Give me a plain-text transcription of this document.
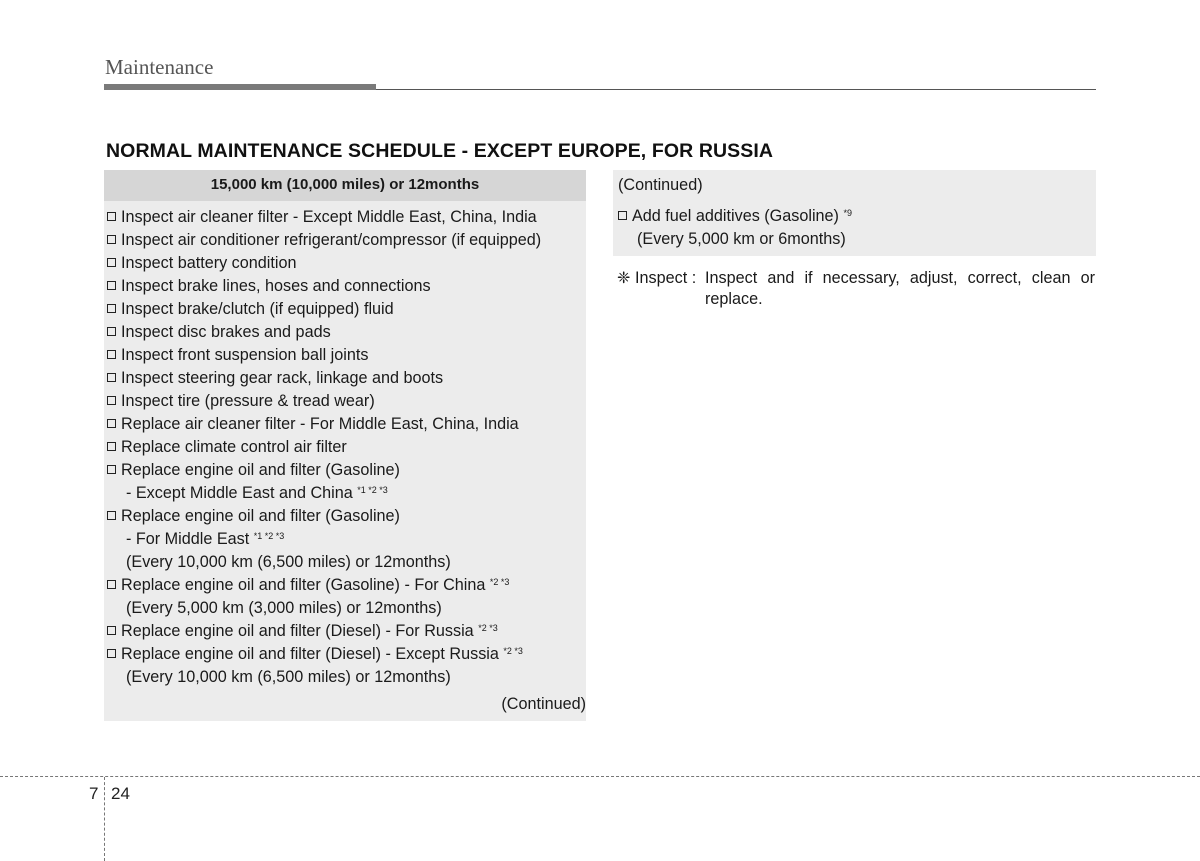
Maintenance
NORMAL MAINTENANCE SCHEDULE - EXCEPT EUROPE, FOR RUSSIA
15,000 km (10,000 miles) or 12months
Inspect air cleaner filter - Except Middle East, China, India
Inspect air conditioner refrigerant/compressor (if equipped)
Inspect battery condition
Inspect brake lines, hoses and connections
Inspect brake/clutch (if equipped) fluid
Inspect disc brakes and pads
Inspect front suspension ball joints
Inspect steering gear rack, linkage and boots
Inspect tire (pressure & tread wear)
Replace air cleaner filter - For Middle East, China, India
Replace climate control air filter
Replace engine oil and filter (Gasoline)
- Except Middle East and China $^{*1 *2 *3}$
Replace engine oil and filter (Gasoline)
- For Middle East $^{*1 *2 *3}$
(Every 10,000 km (6,500 miles) or 12months)
Replace engine oil and filter (Gasoline) - For China $^{*2 *3}$
(Every 5,000 km (3,000 miles) or 12months)
Replace engine oil and filter (Diesel) - For Russia $^{*2 *3}$
Replace engine oil and filter (Diesel) - Except Russia $^{*2 *3}$
(Every 10,000 km (6,500 miles) or 12months)
(Continued)
(Continued)
Add fuel additives (Gasoline) $^{*9}$
(Every 5,000 km or 6months)
❈ Inspect : Inspect and if necessary, adjust, correct, clean or replace.
7 24
